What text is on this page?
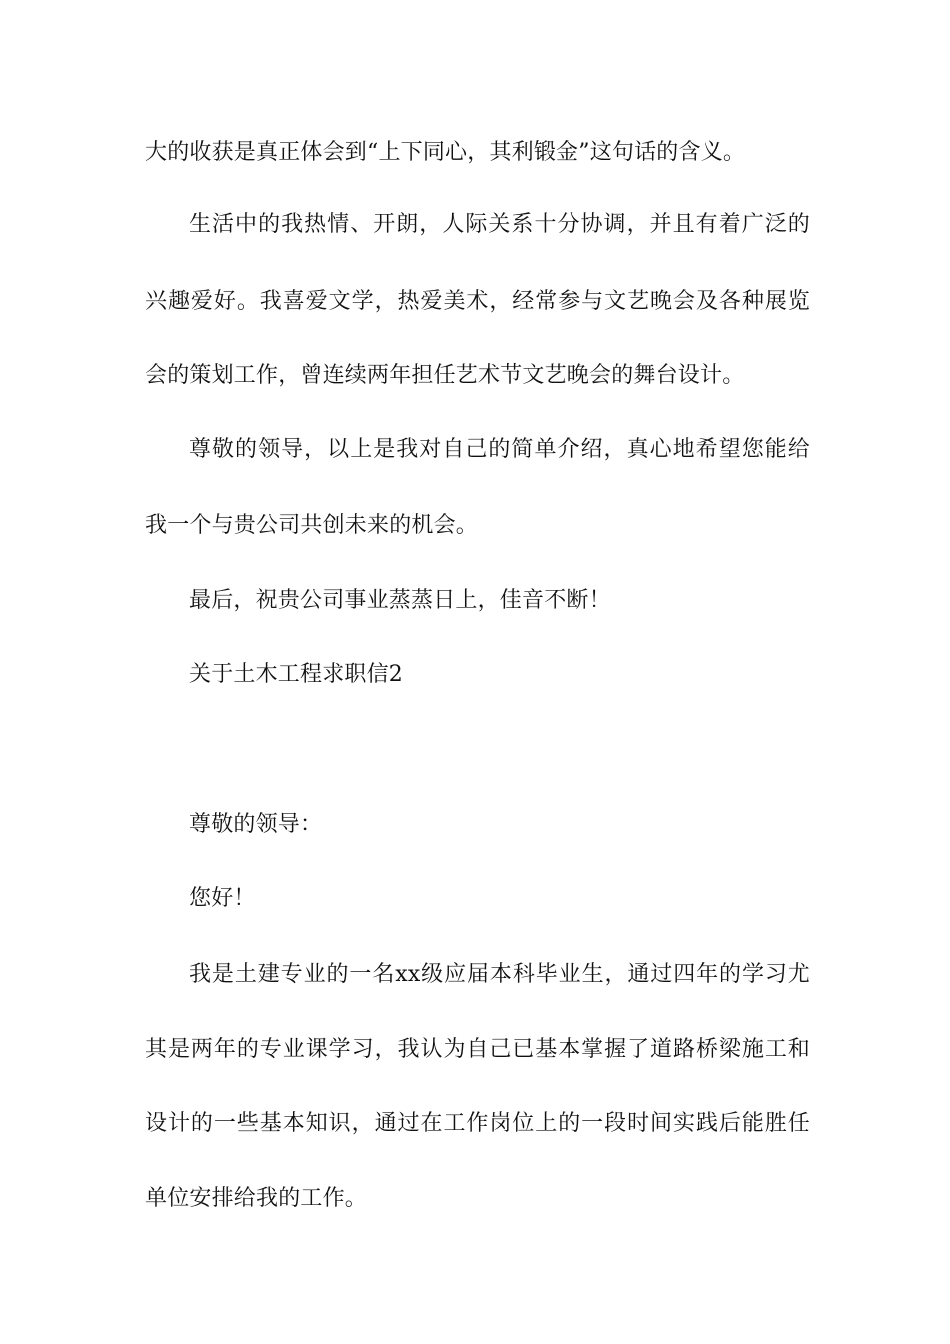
大的收获是真正体会到“上下同心，其利锻金”这句话的含义。
生活中的我热情、开朗，人际关系十分协调，并且有着广泛的
兴趣爱好。我喜爱文学，热爱美术，经常参与文艺晚会及各种展览
会的策划工作，曾连续两年担任艺术节文艺晚会的舞台设计。
尊敬的领导，以上是我对自己的简单介绍，真心地希望您能给
我一个与贵公司共创未来的机会。
最后，祝贵公司事业蒸蒸日上，佳音不断！
关于土木工程求职信2
尊敬的领导：
您好！
我是土建专业的一名xx级应届本科毕业生，通过四年的学习尤
其是两年的专业课学习，我认为自己已基本掌握了道路桥梁施工和
设计的一些基本知识，通过在工作岗位上的一段时间实践后能胜任
单位安排给我的工作。
